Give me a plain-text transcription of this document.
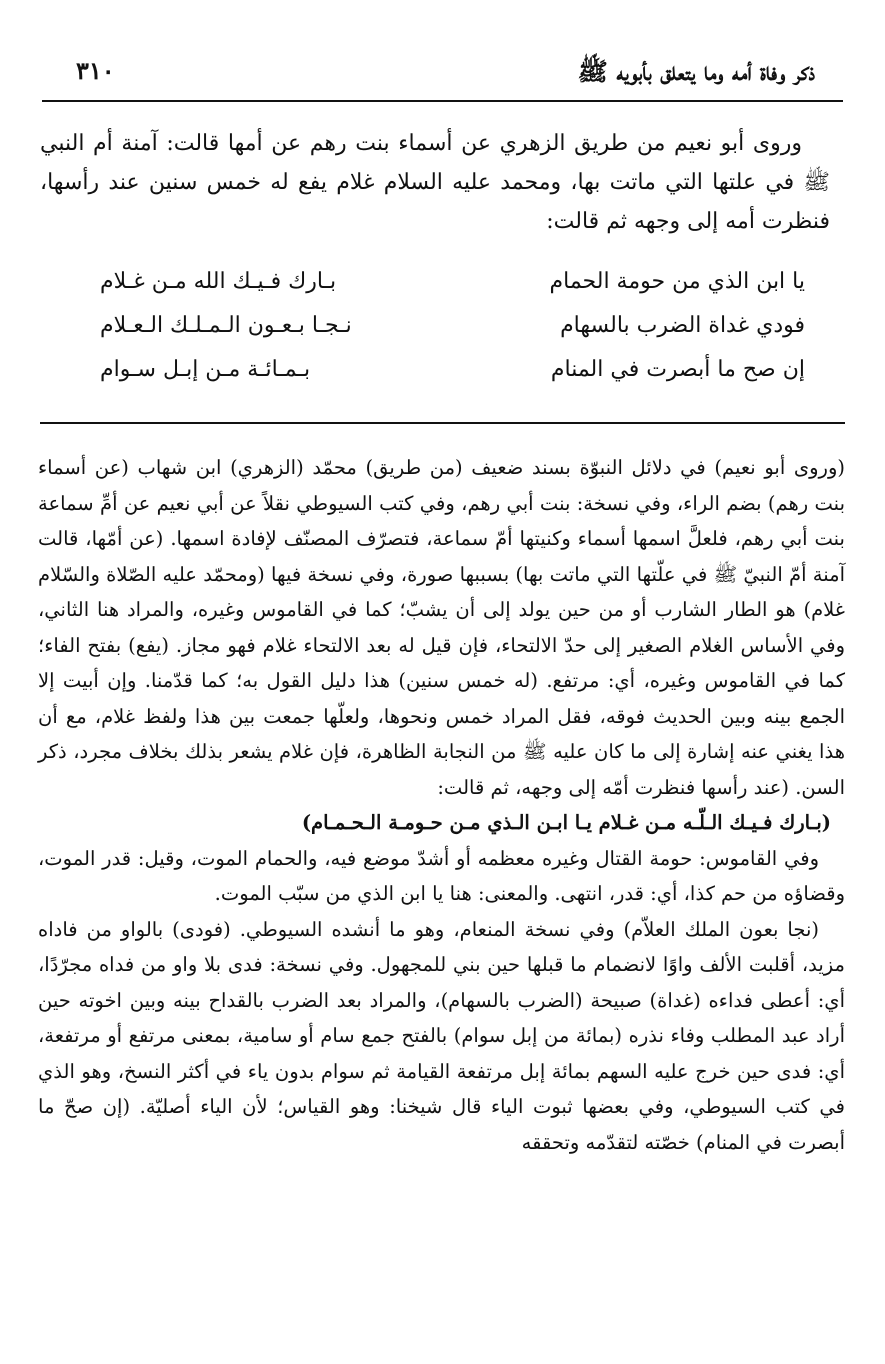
ذكر وفاة أمه وما يتعلق بأبويه ﷺ
٣١٠

وروى أبو نعيم من طريق الزهري عن أسماء بنت رهم عن أمها قالت: آمنة أم النبي ﷺ في علتها التي ماتت بها، ومحمد عليه السلام غلام يفع له خمس سنين عند رأسها، فنظرت أمه إلى وجهه ثم قالت:

يا ابن الذي من حومة الحمام
بـارك فـيـك الله مـن غـلام
فودي غداة الضرب بالسهام
نـجـا بـعـون الـمـلـك الـعـلام
إن صح ما أبصرت في المنام
بـمـائـة مـن إبـل سـوام

(وروى أبو نعيم) في دلائل النبوّة بسند ضعيف (من طريق) محمّد (الزهري) ابن شهاب (عن أسماء بنت رهم) بضم الراء، وفي نسخة: بنت أبي رهم، وفي كتب السيوطي نقلاً عن أبي نعيم عن أمِّ سماعة بنت أبي رهم، فلعلَّ اسمها أسماء وكنيتها أمّ سماعة، فتصرّف المصنّف لإفادة اسمها. (عن أمّها، قالت آمنة أمّ النبيّ ﷺ في علّتها التي ماتت بها) بسببها صورة، وفي نسخة فيها (ومحمّد عليه الصّلاة والسّلام غلام) هو الطار الشارب أو من حين يولد إلى أن يشبّ؛ كما في القاموس وغيره، والمراد هنا الثاني، وفي الأساس الغلام الصغير إلى حدّ الالتحاء، فإن قيل له بعد الالتحاء غلام فهو مجاز. (يفع) بفتح الفاء؛ كما في القاموس وغيره، أي: مرتفع. (له خمس سنين) هذا دليل القول به؛ كما قدّمنا. وإن أبيت إلا الجمع بينه وبين الحديث فوقه، فقل المراد خمس ونحوها، ولعلّها جمعت بين هذا ولفظ غلام، مع أن هذا يغني عنه إشارة إلى ما كان عليه ﷺ من النجابة الظاهرة، فإن غلام يشعر بذلك بخلاف مجرد، ذكر السن. (عند رأسها فنظرت أمّه إلى وجهه، ثم قالت:

(بـارك فـيـك الـلّـه مـن غـلام يـا ابـن الـذي مـن حـومـة الـحـمـام)

وفي القاموس: حومة القتال وغيره معظمه أو أشدّ موضع فيه، والحمام الموت، وقيل: قدر الموت، وقضاؤه من حم كذا، أي: قدر، انتهى. والمعنى: هنا يا ابن الذي من سبّب الموت.

(نجا بعون الملك العلاّم) وفي نسخة المنعام، وهو ما أنشده السيوطي. (فودى) بالواو من فاداه مزيد، أقلبت الألف واوًا لانضمام ما قبلها حين بني للمجهول. وفي نسخة: فدى بلا واو من فداه مجرّدًا، أي: أعطى فداءه (غداة) صبيحة (الضرب بالسهام)، والمراد بعد الضرب بالقداح بينه وبين اخوته حين أراد عبد المطلب وفاء نذره (بمائة من إبل سوام) بالفتح جمع سام أو سامية، بمعنى مرتفع أو مرتفعة، أي: فدى حين خرج عليه السهم بمائة إبل مرتفعة القيامة ثم سوام بدون ياء في أكثر النسخ، وهو الذي في كتب السيوطي، وفي بعضها ثبوت الياء قال شيخنا: وهو القياس؛ لأن الياء أصليّة. (إن صحّ ما أبصرت في المنام) خصّته لتقدّمه وتحققه
